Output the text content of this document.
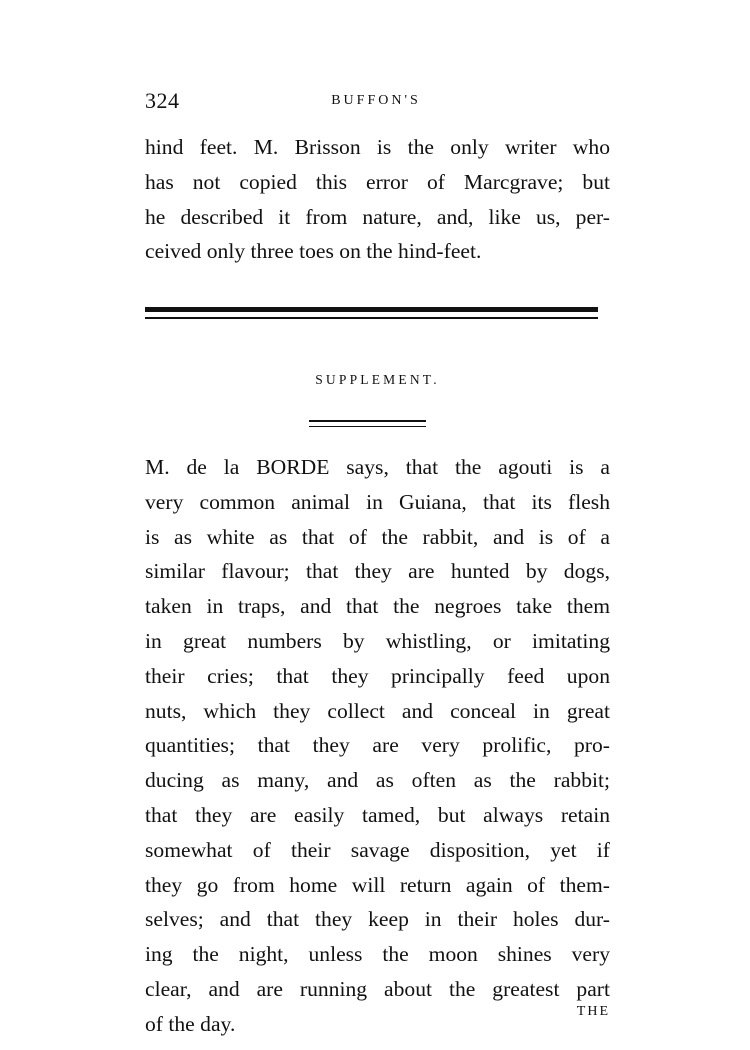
324	BUFFON'S
hind feet. M. Brisson is the only writer who
has not copied this error of Marcgrave; but
he described it from nature, and, like us, per-
ceived only three toes on the hind-feet.
SUPPLEMENT.
M. de la BORDE says, that the agouti is a
very common animal in Guiana, that its flesh
is as white as that of the rabbit, and is of a
similar flavour; that they are hunted by dogs,
taken in traps, and that the negroes take them
in great numbers by whistling, or imitating
their cries; that they principally feed upon
nuts, which they collect and conceal in great
quantities; that they are very prolific, pro-
ducing as many, and as often as the rabbit;
that they are easily tamed, but always retain
somewhat of their savage disposition, yet if
they go from home will return again of them-
selves; and that they keep in their holes dur-
ing the night, unless the moon shines very
clear, and are running about the greatest part
of the day.
THE
